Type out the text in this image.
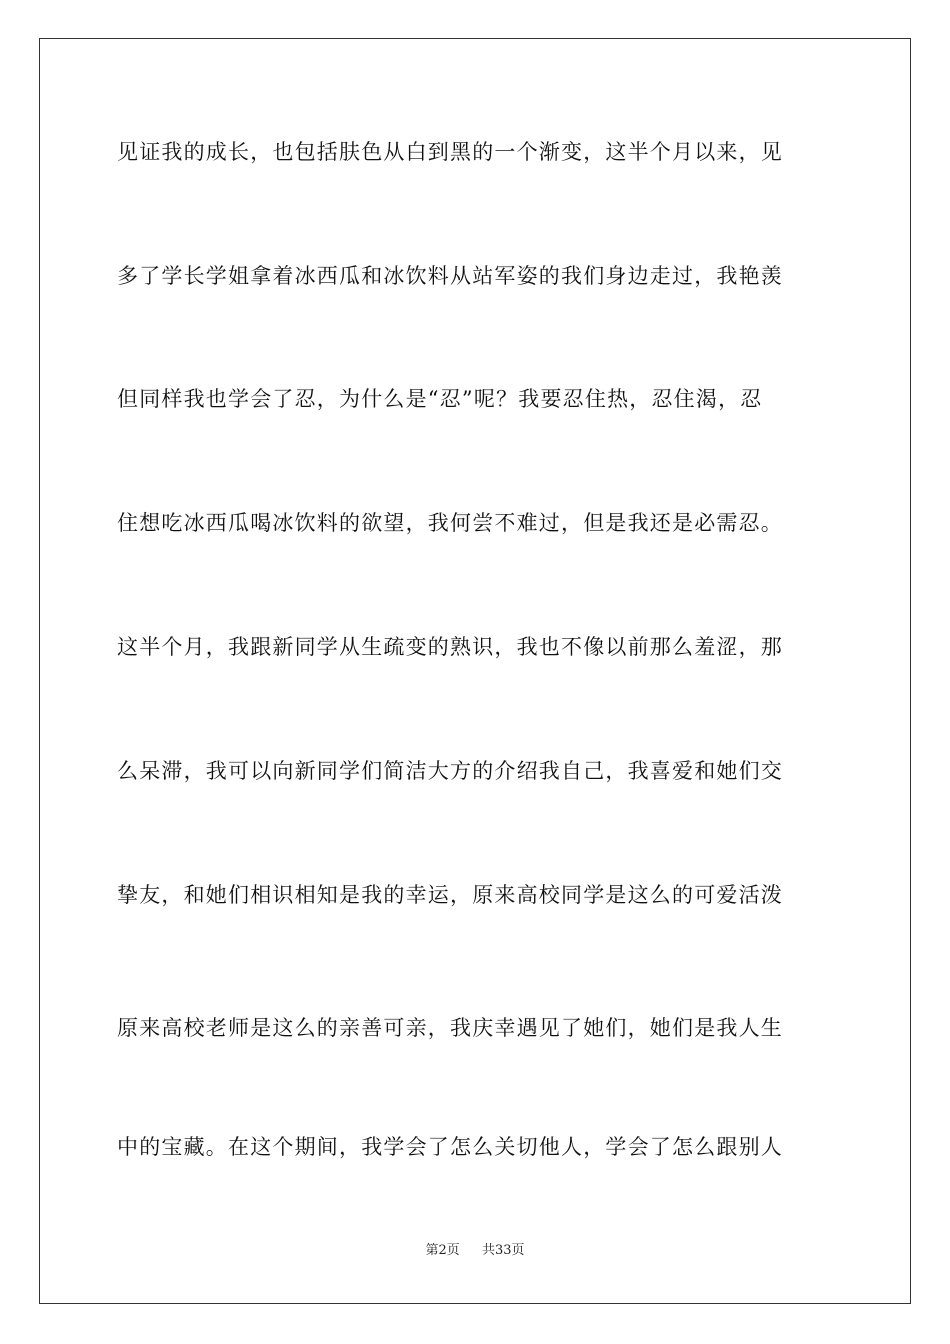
见证我的成长，也包括肤色从白到黑的一个渐变，这半个月以来，见
多了学长学姐拿着冰西瓜和冰饮料从站军姿的我们身边走过，我艳羡
但同样我也学会了忍，为什么是“忍”呢？我要忍住热，忍住渴，忍
住想吃冰西瓜喝冰饮料的欲望，我何尝不难过，但是我还是必需忍。
这半个月，我跟新同学从生疏变的熟识，我也不像以前那么羞涩，那
么呆滞，我可以向新同学们简洁大方的介绍我自己，我喜爱和她们交
挚友，和她们相识相知是我的幸运，原来高校同学是这么的可爱活泼
原来高校老师是这么的亲善可亲，我庆幸遇见了她们，她们是我人生
中的宝藏。在这个期间，我学会了怎么关切他人，学会了怎么跟别人
第2页 共33页
